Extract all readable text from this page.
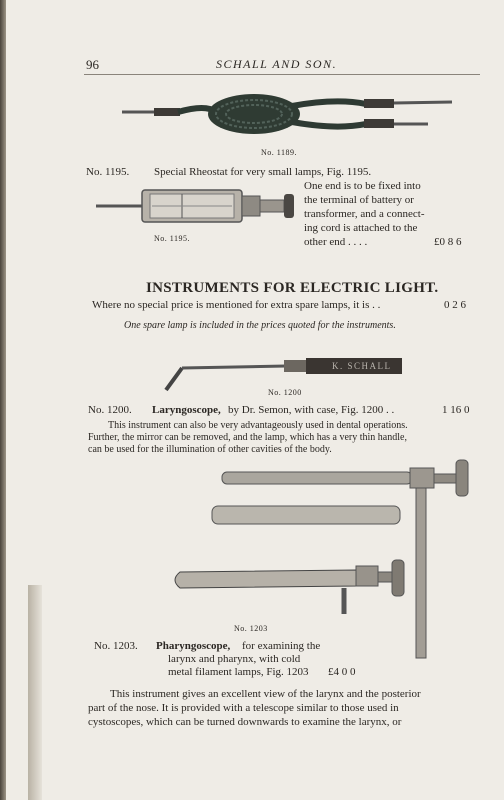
96	SCHALL AND SON.
No. 1189.
No. 1195. Special Rheostat for very small lamps, Fig. 1195.
One end is to be fixed into
the terminal of battery or
transformer, and a connect-
ing cord is attached to the
other end . . . .	£0 8 6
No. 1195.
INSTRUMENTS FOR ELECTRIC LIGHT.
Where no special price is mentioned for extra spare lamps, it is . .	0 2 6
One spare lamp is included in the prices quoted for the instruments.
K. SCHALL
No. 1200
No. 1200. Laryngoscope, by Dr. Semon, with case, Fig. 1200 . .	1 16 0
This instrument can also be very advantageously used in dental operations.
Further, the mirror can be removed, and the lamp, which has a very thin handle,
can be used for the illumination of other cavities of the body.
No. 1203
No. 1203. Pharyngoscope, for examining the
larynx and pharynx, with cold
metal filament lamps, Fig. 1203 £4 0 0
This instrument gives an excellent view of the larynx and the posterior
part of the nose. It is provided with a telescope similar to those used in
cystoscopes, which can be turned downwards to examine the larynx, or
